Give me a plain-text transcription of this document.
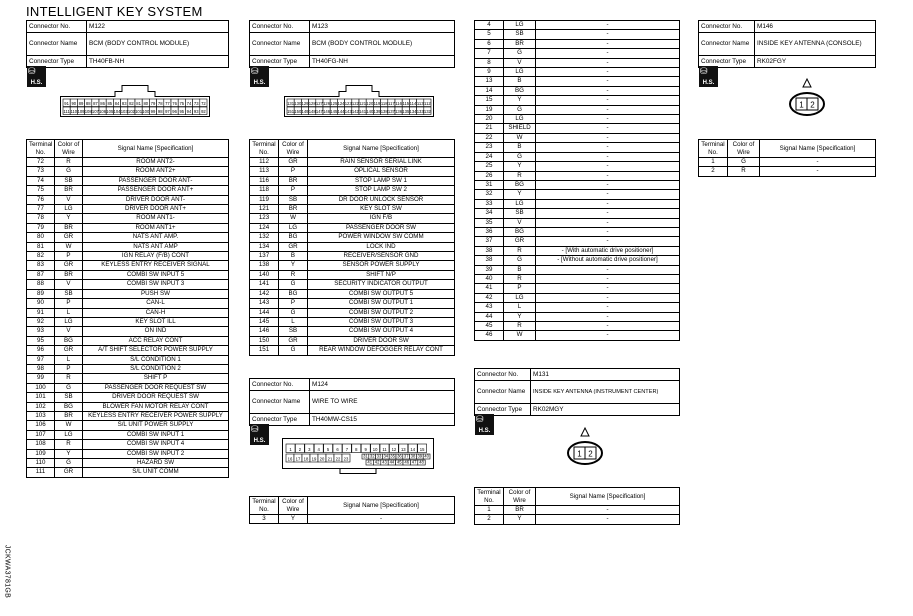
INTELLIGENT KEY SYSTEM
Connector No.	M122
Connector Name	BCM (BODY CONTROL MODULE)
Connector Type	TH40FB-NH
⛁
H.S.
91 90 89 88 87 86 85 84 83 82 81 80 79 78 77 76 75 74 73 72
111 110 109 108 107 106 105 104 103 102 101 100 99 98 97 96 95 94 93 92
Terminal No.	Color of Wire	Signal Name [Specification]
72	R	ROOM ANT2-
73	G	ROOM ANT2+
74	SB	PASSENGER DOOR ANT-
75	BR	PASSENGER DOOR ANT+
76	V	DRIVER DOOR ANT-
77	LG	DRIVER DOOR ANT+
78	Y	ROOM ANT1-
79	BR	ROOM ANT1+
80	GR	NATS ANT AMP.
81	W	NATS ANT AMP
82	P	IGN RELAY (F/B) CONT
83	GR	KEYLESS ENTRY RECEIVER SIGNAL
87	BR	COMBI SW INPUT 5
88	V	COMBI SW INPUT 3
89	SB	PUSH SW
90	P	CAN-L
91	L	CAN-H
92	LG	KEY SLOT ILL
93	V	ON IND
95	BG	ACC RELAY CONT
96	GR	A/T SHIFT SELECTOR POWER SUPPLY
97	L	S/L CONDITION 1
98	P	S/L CONDITION 2
99	R	SHIFT P
100	G	PASSENGER DOOR REQUEST SW
101	SB	DRIVER DOOR REQUEST SW
102	BG	BLOWER FAN MOTOR RELAY CONT
103	BR	KEYLESS ENTRY RECEIVER POWER SUPPLY
106	W	S/L UNIT POWER SUPPLY
107	LG	COMBI SW INPUT 1
108	R	COMBI SW INPUT 4
109	Y	COMBI SW INPUT 2
110	G	HAZARD SW
111	GR	S/L UNIT COMM
Connector No.	M123
Connector Name	BCM (BODY CONTROL MODULE)
Connector Type	TH40FG-NH
⛁
H.S.
131 130 129 128 127 126 125 124 123 122 121 120 119 118 117 116 115 114 113 112
151 150 149 148 147 146 145 144 143 142 141 140 139 138 137 136 135 134 133 132
Terminal No.	Color of Wire	Signal Name [Specification]
112	GR	RAIN SENSOR SERIAL LINK
113	P	OPLICAL SENSOR
116	BR	STOP LAMP SW 1
118	P	STOP LAMP SW 2
119	SB	DR DOOR UNLOCK SENSOR
121	BR	KEY SLOT SW
123	W	IGN F/B
124	LG	PASSENGER DOOR SW
132	BG	POWER WINDOW SW COMM
134	GR	LOCK IND
137	B	RECEIVER/SENSOR GND
138	Y	SENSOR POWER SUPPLY
140	R	SHIFT N/P
141	G	SECURITY INDICATOR OUTPUT
142	BG	COMBI SW OUTPUT 5
143	P	COMBI SW OUTPUT 1
144	G	COMBI SW OUTPUT 2
145	L	COMBI SW OUTPUT 3
146	SB	COMBI SW OUTPUT 4
150	GR	DRIVER DOOR SW
151	G	REAR WINDOW DEFOGGER RELAY CONT
Connector No.	M124
Connector Name	WIRE TO WIRE
Connector Type	TH40MW-CS15
⛁
H.S.
1 2 3 4 5 6 7 8 9 10 11 12 13 14 15
16 17 18 19 20 21 22 23
31 32 33 34 35 36 37 38 39 40
41 42 43 44 45 46 47 48
Terminal No.	Color of Wire	Signal Name [Specification]
3	Y	-
4	LG	-
5	SB	-
6	BR	-
7	G	-
8	V	-
9	LG	-
13	B	-
14	BG	-
15	Y	-
19	G	-
20	LG	-
21	SHIELD	-
22	W	-
23	B	-
24	G	-
25	Y	-
26	R	-
31	BG	-
32	Y	-
33	LG	-
34	SB	-
35	V	-
36	BG	-
37	GR	-
38	R	- [With automatic drive positioner]
38	G	- [Without automatic drive positioner]
39	B	-
40	R	-
41	P	-
42	LG	-
43	L	-
44	Y	-
45	R	-
46	W	-
Connector No.	M131
Connector Name	INSIDE KEY ANTENNA (INSTRUMENT CENTER)
Connector Type	RK02MGY
⛁
H.S.
1 2
Terminal No.	Color of Wire	Signal Name [Specification]
1	BR	-
2	Y	-
Connector No.	M146
Connector Name	INSIDE KEY ANTENNA (CONSOLE)
Connector Type	RK02FGY
⛁
H.S.
1 2
Terminal No.	Color of Wire	Signal Name [Specification]
1	G	-
2	R	-
JCKWA3781GB
